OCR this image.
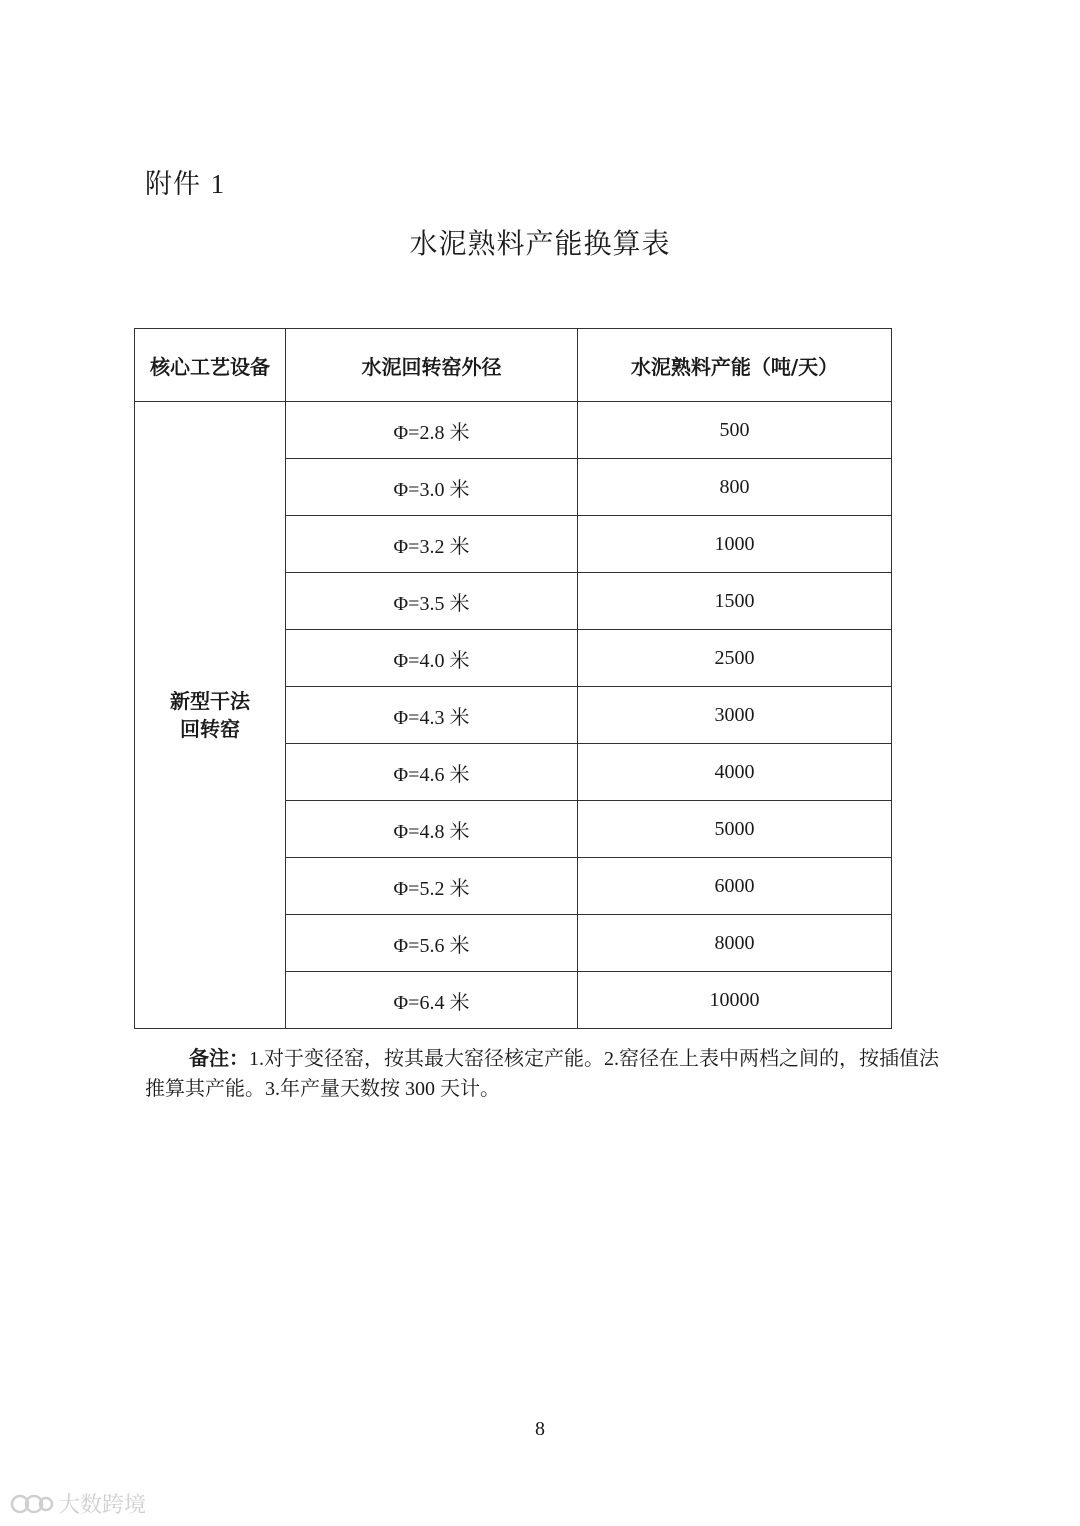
附件 1
水泥熟料产能换算表
核心工艺设备	水泥回转窑外径	水泥熟料产能（吨/天）

新型干法
回转窑	Φ=2.8 米	500
	Φ=3.0 米	800
	Φ=3.2 米	1000
	Φ=3.5 米	1500
	Φ=4.0 米	2500
	Φ=4.3 米	3000
	Φ=4.6 米	4000
	Φ=4.8 米	5000
	Φ=5.2 米	6000
	Φ=5.6 米	8000
	Φ=6.4 米	10000
备注：1.对于变径窑，按其最大窑径核定产能。2.窑径在上表中两档之间的，按插值法推算其产能。3.年产量天数按 300 天计。
8
大数跨境
